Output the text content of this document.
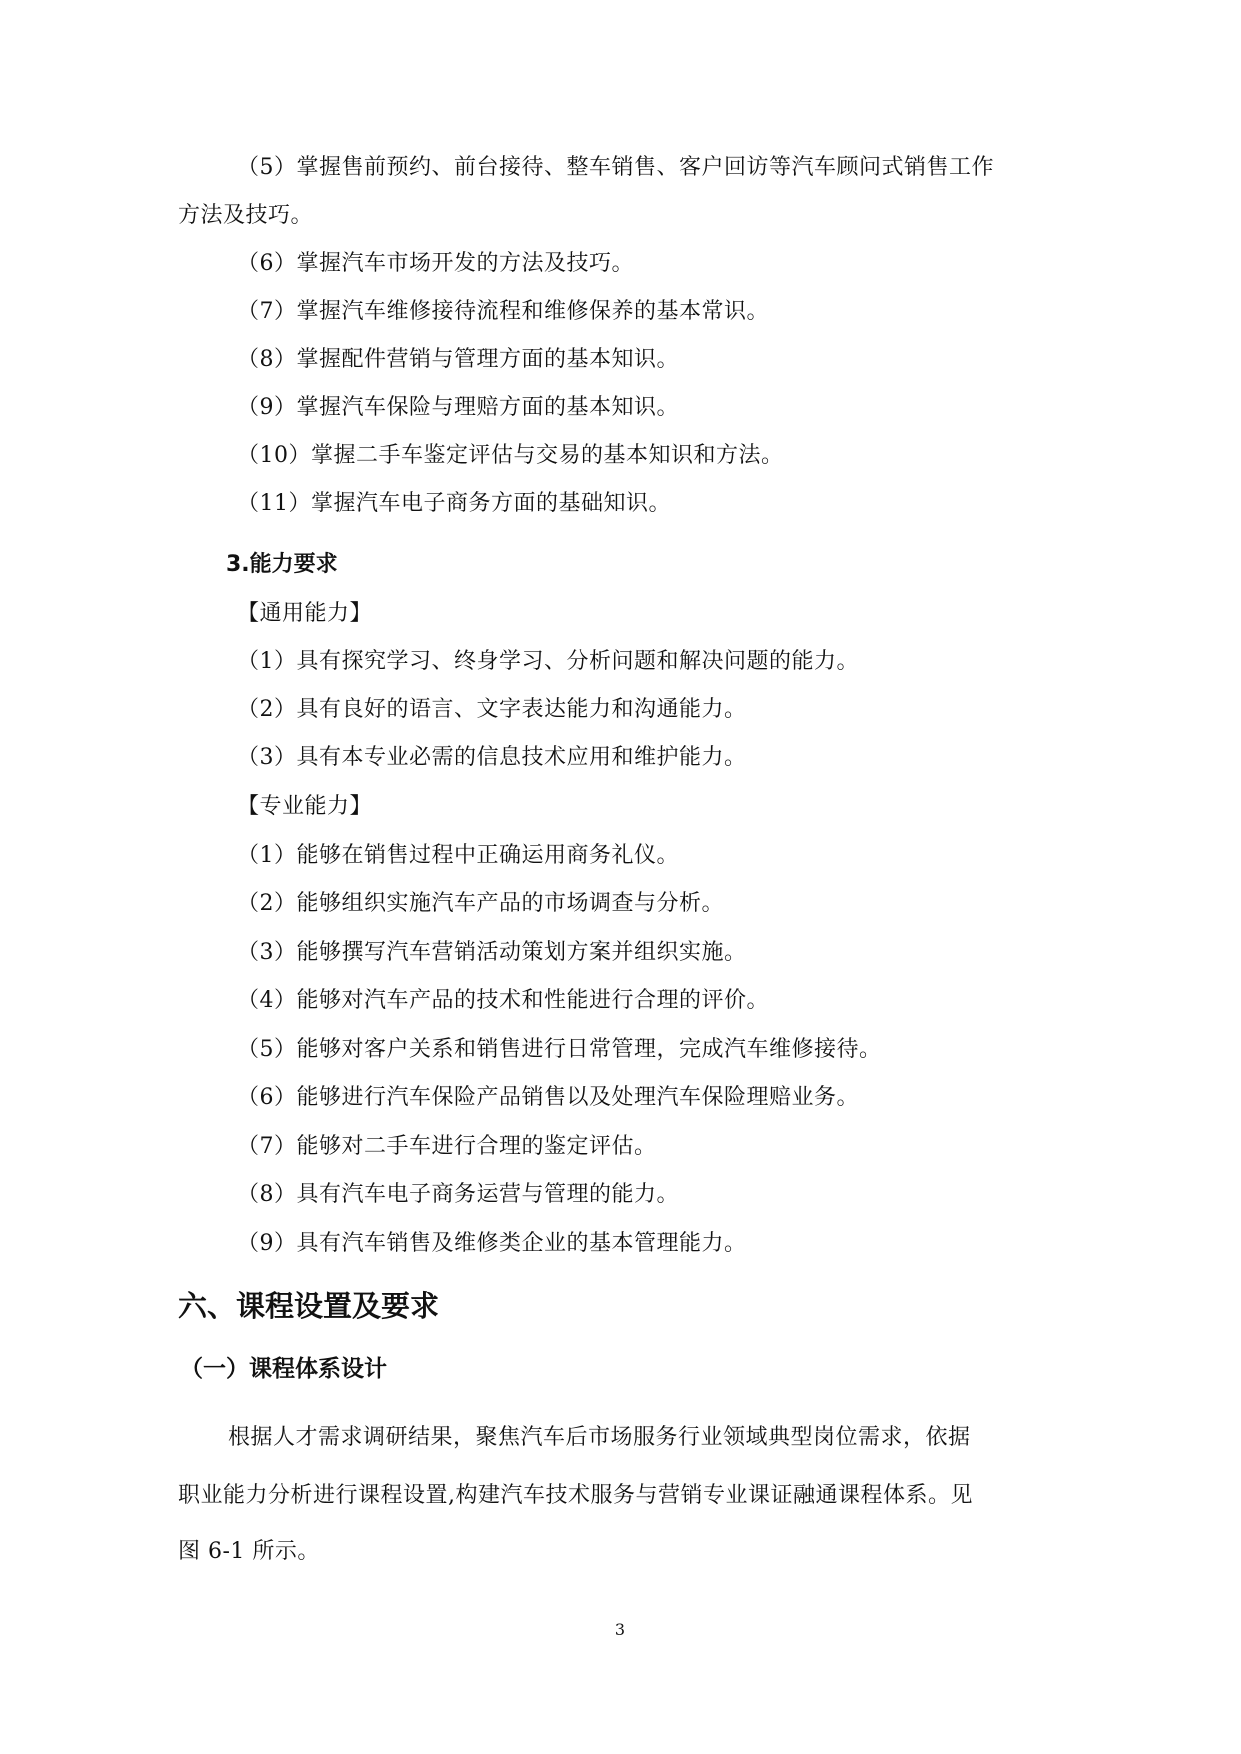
（5）掌握售前预约、前台接待、整车销售、客户回访等汽车顾问式销售工作
方法及技巧。
（6）掌握汽车市场开发的方法及技巧。
（7）掌握汽车维修接待流程和维修保养的基本常识。
（8）掌握配件营销与管理方面的基本知识。
（9）掌握汽车保险与理赔方面的基本知识。
（10）掌握二手车鉴定评估与交易的基本知识和方法。
（11）掌握汽车电子商务方面的基础知识。
3.能力要求
【通用能力】
（1）具有探究学习、终身学习、分析问题和解决问题的能力。
（2）具有良好的语言、文字表达能力和沟通能力。
（3）具有本专业必需的信息技术应用和维护能力。
【专业能力】
（1）能够在销售过程中正确运用商务礼仪。
（2）能够组织实施汽车产品的市场调查与分析。
（3）能够撰写汽车营销活动策划方案并组织实施。
（4）能够对汽车产品的技术和性能进行合理的评价。
（5）能够对客户关系和销售进行日常管理，完成汽车维修接待。
（6）能够进行汽车保险产品销售以及处理汽车保险理赔业务。
（7）能够对二手车进行合理的鉴定评估。
（8）具有汽车电子商务运营与管理的能力。
（9）具有汽车销售及维修类企业的基本管理能力。
六、课程设置及要求
（一）课程体系设计
根据人才需求调研结果，聚焦汽车后市场服务行业领域典型岗位需求，依据
职业能力分析进行课程设置,构建汽车技术服务与营销专业课证融通课程体系。见
图 6-1 所示。
3
